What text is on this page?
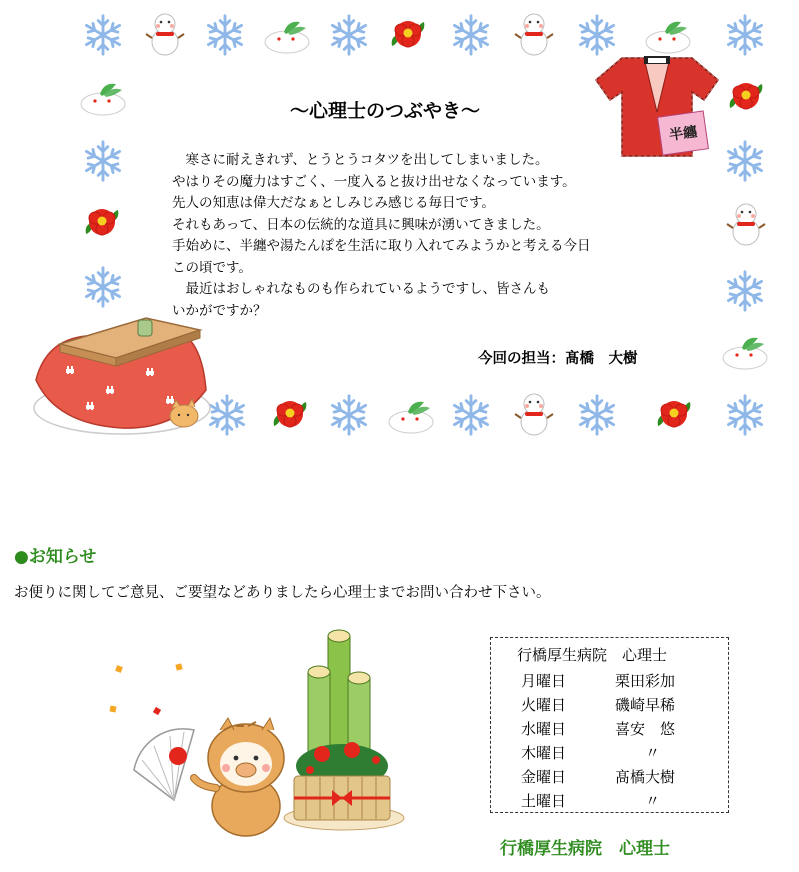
半纏
～心理士のつぶやき～
　寒さに耐えきれず、とうとうコタツを出してしまいました。
やはりその魔力はすごく、一度入ると抜け出せなくなっています。
先人の知恵は偉大だなぁとしみじみ感じる毎日です。
それもあって、日本の伝統的な道具に興味が湧いてきました。
手始めに、半纏や湯たんぽを生活に取り入れてみようかと考える今日
この頃です。
　最近はおしゃれなものも作られているようですし、皆さんも
いかがですか？
今回の担当：髙橋　大樹
●お知らせ
お便りに関してご意見、ご要望などありましたら心理士までお問い合わせ下さい。
行橋厚生病院　心理士
月曜日	栗田彩加
火曜日	磯崎早稀
水曜日	喜安　悠
木曜日	　　〃
金曜日	髙橋大樹
土曜日	　　〃
行橋厚生病院　心理士
